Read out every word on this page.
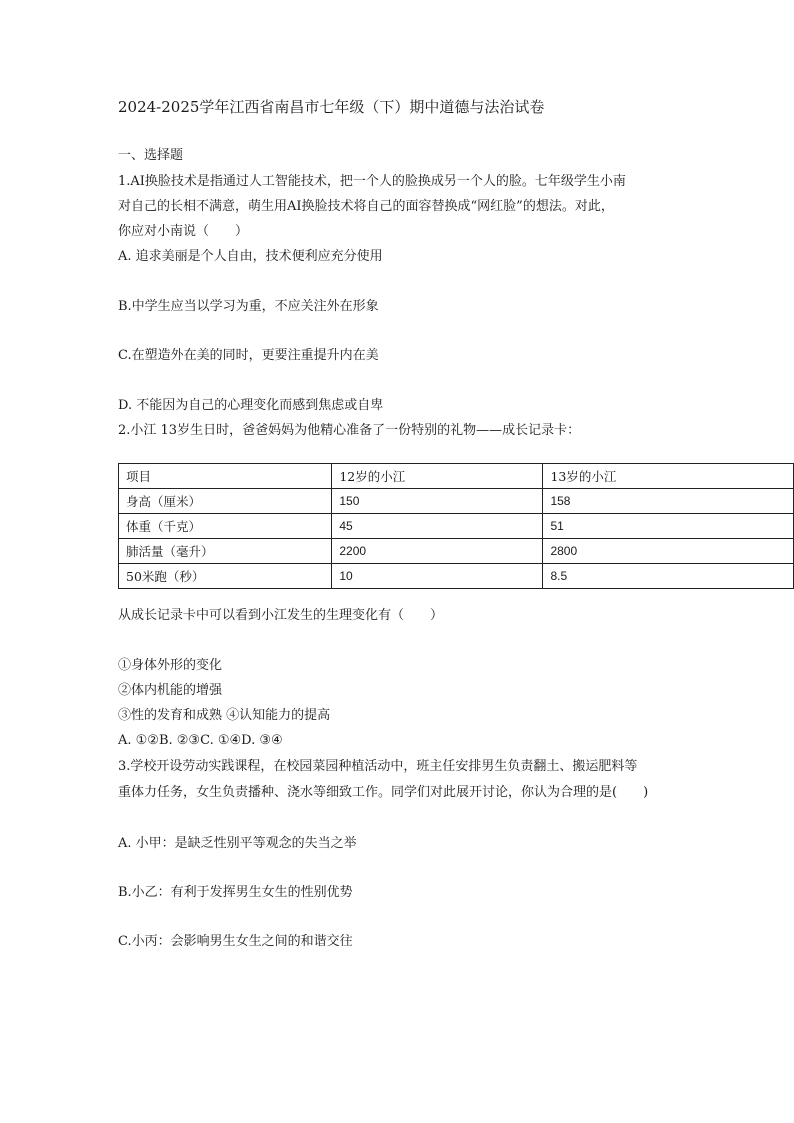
2024-2025学年江西省南昌市七年级（下）期中道德与法治试卷
一、选择题
1.AI换脸技术是指通过人工智能技术，把一个人的脸换成另一个人的脸。七年级学生小南
对自己的长相不满意，萌生用AI换脸技术将自己的面容替换成“网红脸”的想法。对此，
你应对小南说（　　）
A. 追求美丽是个人自由，技术便利应充分使用
B.中学生应当以学习为重，不应关注外在形象
C.在塑造外在美的同时，更要注重提升内在美
D. 不能因为自己的心理变化而感到焦虑或自卑
2.小江 13岁生日时，爸爸妈妈为他精心准备了一份特别的礼物——成长记录卡：
项目	12岁的小江	13岁的小江
身高（厘米）	150	158
体重（千克）	45	51
肺活量（毫升）	2200	2800
50米跑（秒）	10	8.5
从成长记录卡中可以看到小江发生的生理变化有（　　）
①身体外形的变化
②体内机能的增强
③性的发育和成熟 ④认知能力的提高
A. ①②B. ②③C. ①④D. ③④
3.学校开设劳动实践课程，在校园菜园种植活动中，班主任安排男生负责翻土、搬运肥料等
重体力任务，女生负责播种、浇水等细致工作。同学们对此展开讨论，你认为合理的是(　　)
A. 小甲：是缺乏性别平等观念的失当之举
B.小乙：有利于发挥男生女生的性别优势
C.小丙：会影响男生女生之间的和谐交往
